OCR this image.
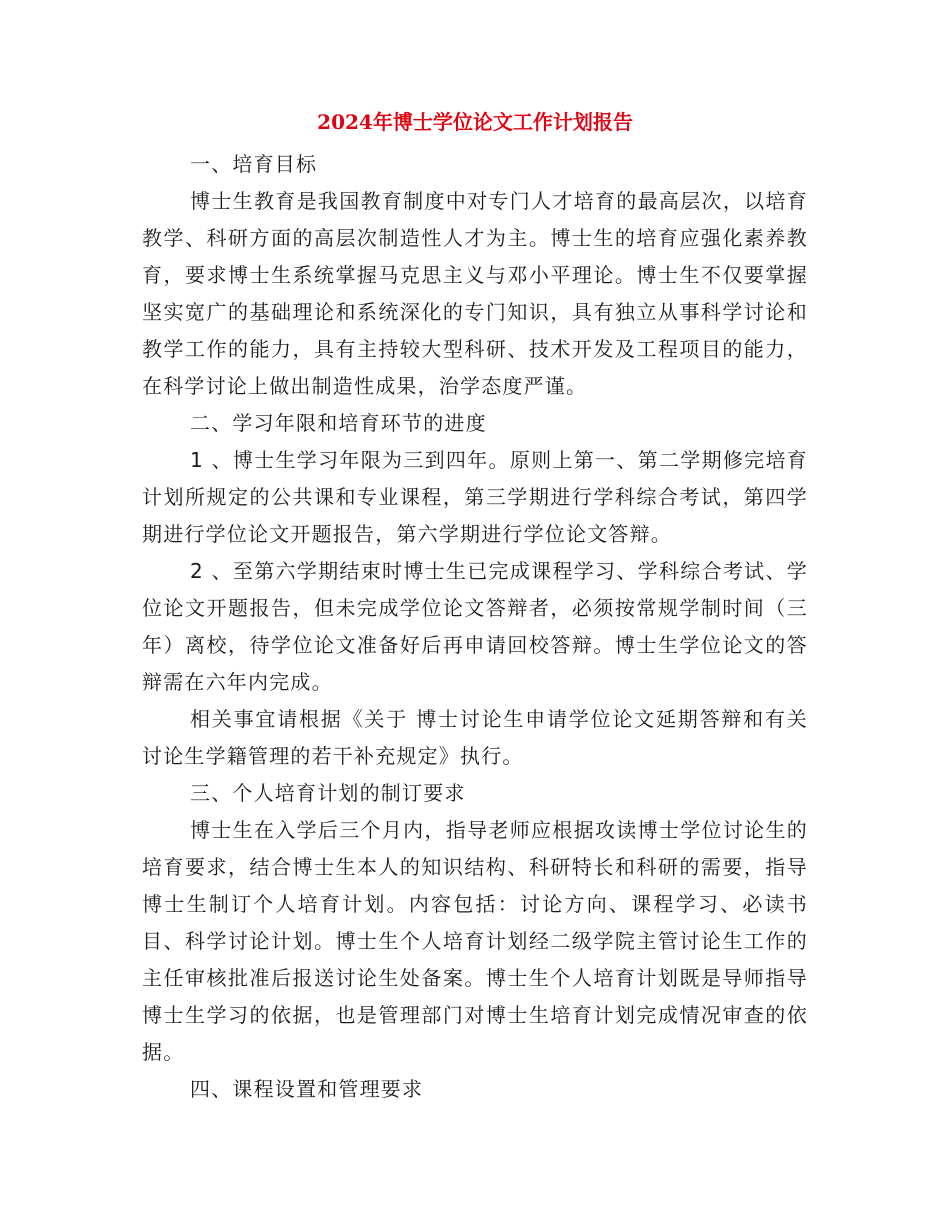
2024年博士学位论文工作计划报告

一、培育目标

博士生教育是我国教育制度中对专门人才培育的最高层次，以培育教学、科研方面的高层次制造性人才为主。博士生的培育应强化素养教育，要求博士生系统掌握马克思主义与邓小平理论。博士生不仅要掌握坚实宽广的基础理论和系统深化的专门知识，具有独立从事科学讨论和教学工作的能力，具有主持较大型科研、技术开发及工程项目的能力，在科学讨论上做出制造性成果，治学态度严谨。

二、学习年限和培育环节的进度

1 、博士生学习年限为三到四年。原则上第一、第二学期修完培育计划所规定的公共课和专业课程，第三学期进行学科综合考试，第四学期进行学位论文开题报告，第六学期进行学位论文答辩。

2 、至第六学期结束时博士生已完成课程学习、学科综合考试、学位论文开题报告，但未完成学位论文答辩者，必须按常规学制时间（三年）离校，待学位论文准备好后再申请回校答辩。博士生学位论文的答辩需在六年内完成。

相关事宜请根据《关于 博士讨论生申请学位论文延期答辩和有关讨论生学籍管理的若干补充规定》执行。

三、个人培育计划的制订要求

博士生在入学后三个月内，指导老师应根据攻读博士学位讨论生的培育要求，结合博士生本人的知识结构、科研特长和科研的需要，指导博士生制订个人培育计划。内容包括：讨论方向、课程学习、必读书目、科学讨论计划。博士生个人培育计划经二级学院主管讨论生工作的主任审核批准后报送讨论生处备案。博士生个人培育计划既是导师指导 博士生学习的依据，也是管理部门对博士生培育计划完成情况审查的依据。

四、课程设置和管理要求
